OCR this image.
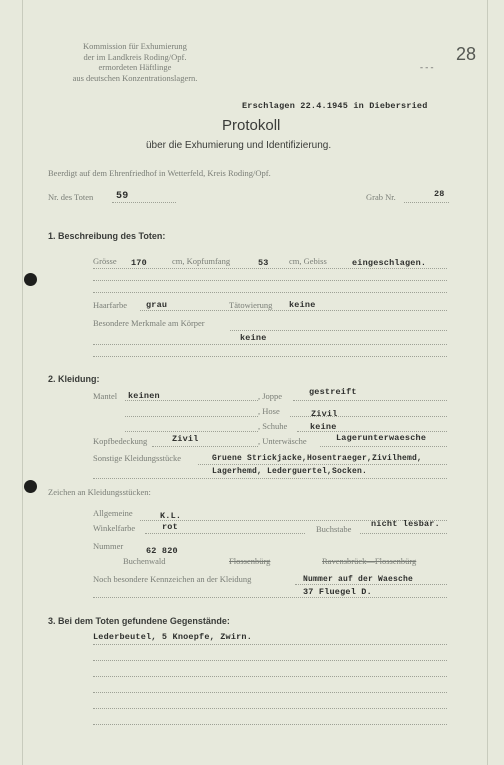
Kommission für Exhumierung
der im Landkreis Roding/Opf.
ermordeten Häftlinge
aus deutschen Konzentrationslagern.
28
- - -
Erschlagen 22.4.1945 in Diebersried
Protokoll
über die Exhumierung und Identifizierung.
Beerdigt auf dem Ehrenfriedhof in Wetterfeld, Kreis Roding/Opf.
Nr. des Toten 59	Grab Nr.	28
1. Beschreibung des Toten:
Grösse 170	cm, Kopfumfang	53 cm, Gebiss	eingeschlagen.
Haarfarbe grau	Tätowierung keine
Besondere Merkmale am Körper
keine
2. Kleidung:
Mantel keinen	, Joppe	gestreift
, Hose	Zivil
, Schuhe	keine
Kopfbedeckung	Zivil	, Unterwäsche	Lagerunterwaesche
Sonstige Kleidungsstücke	Gruene Strickjacke,Hosentraeger,Zivilhemd,
Lagerhemd, Lederguertel,Socken.
Zeichen an Kleidungsstücken:
Allgemeine	K.L.
Winkelfarbe	rot	Buchstabe nicht lesbar.
Nummer	62 820
Buchenwald	Flossenbürg	Ravensbrück—Flossenbürg
Noch besondere Kennzeichen an der Kleidung	Nummer auf der Waesche
37 Fluegel D.
3. Bei dem Toten gefundene Gegenstände:
Lederbeutel, 5 Knoepfe, Zwirn.
